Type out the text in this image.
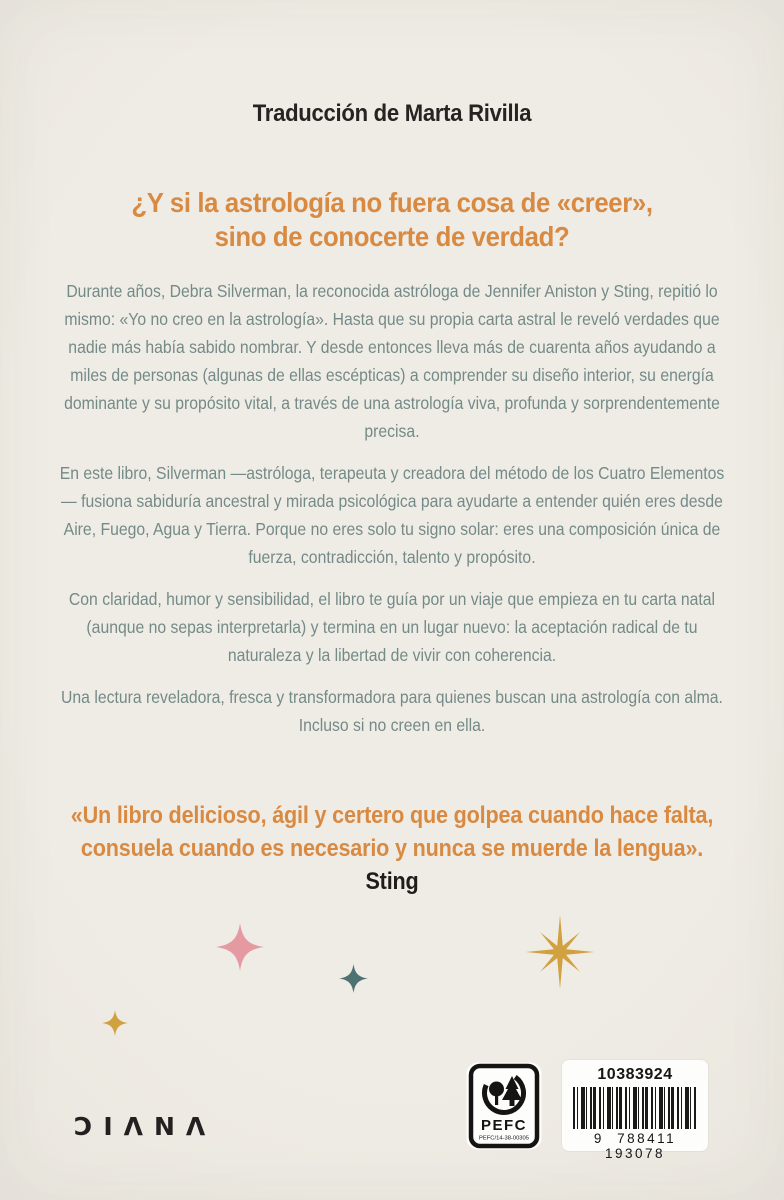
Traducción de Marta Rivilla
¿Y si la astrología no fuera cosa de «creer»,
sino de conocerte de verdad?

Durante años, Debra Silverman, la reconocida astróloga de Jennifer Aniston y Sting, repitió lo mismo: «Yo no creo en la astrología». Hasta que su propia carta astral le reveló verdades que nadie más había sabido nombrar. Y desde entonces lleva más de cuarenta años ayudando a miles de personas (algunas de ellas escépticas) a comprender su diseño interior, su energía dominante y su propósito vital, a través de una astrología viva, profunda y sorprendentemente precisa.

En este libro, Silverman —astróloga, terapeuta y creadora del método de los Cuatro Elementos— fusiona sabiduría ancestral y mirada psicológica para ayudarte a entender quién eres desde Aire, Fuego, Agua y Tierra. Porque no eres solo tu signo solar: eres una composición única de fuerza, contradicción, talento y propósito.

Con claridad, humor y sensibilidad, el libro te guía por un viaje que empieza en tu carta natal (aunque no sepas interpretarla) y termina en un lugar nuevo: la aceptación radical de tu naturaleza y la libertad de vivir con coherencia.

Una lectura reveladora, fresca y transformadora para quienes buscan una astrología con alma. Incluso si no creen en ella.

«Un libro delicioso, ágil y certero que golpea cuando hace falta, consuela cuando es necesario y nunca se muerde la lengua». Sting
ƆIΛNΛ	PEFC
PEFC/14-38-00305
10383924
9 788411 193078
